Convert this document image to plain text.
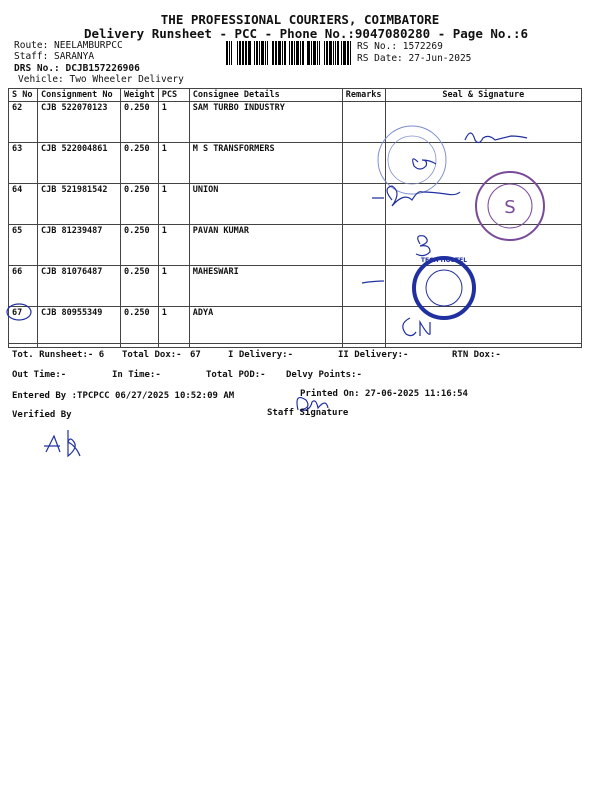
THE PROFESSIONAL COURIERS, COIMBATORE
Delivery Runsheet - PCC - Phone No.:9047080280 - Page No.:6
Route: NEELAMBURPCC
Staff: SARANYA
DRS No.: DCJB157226906
Vehicle: Two Wheeler Delivery
RS No.: 1572269
RS Date: 27-Jun-2025
S No	Consignment No	Weight	PCS	Consignee Details	Remarks	Seal & Signature
62	CJB 522070123	0.250	1	SAM TURBO INDUSTRY		
63	CJB 522004861	0.250	1	M S TRANSFORMERS		
64	CJB 521981542	0.250	1	UNION		
65	CJB 81239487	0.250	1	PAVAN KUMAR		
66	CJB 81076487	0.250	1	MAHESWARI		
67	CJB 80955349	0.250	1	ADYA		
S
TECH HOSTEL
Tot. Runsheet:- 6 Total Dox:- 67	I Delivery:-	II Delivery:-	RTN Dox:-
Out Time:-	In Time:-	Total POD:- Delvy Points:-
Entered By :TPCPCC 06/27/2025 10:52:09 AM	Printed On: 27-06-2025 11:16:54
Verified By	Staff Signature
